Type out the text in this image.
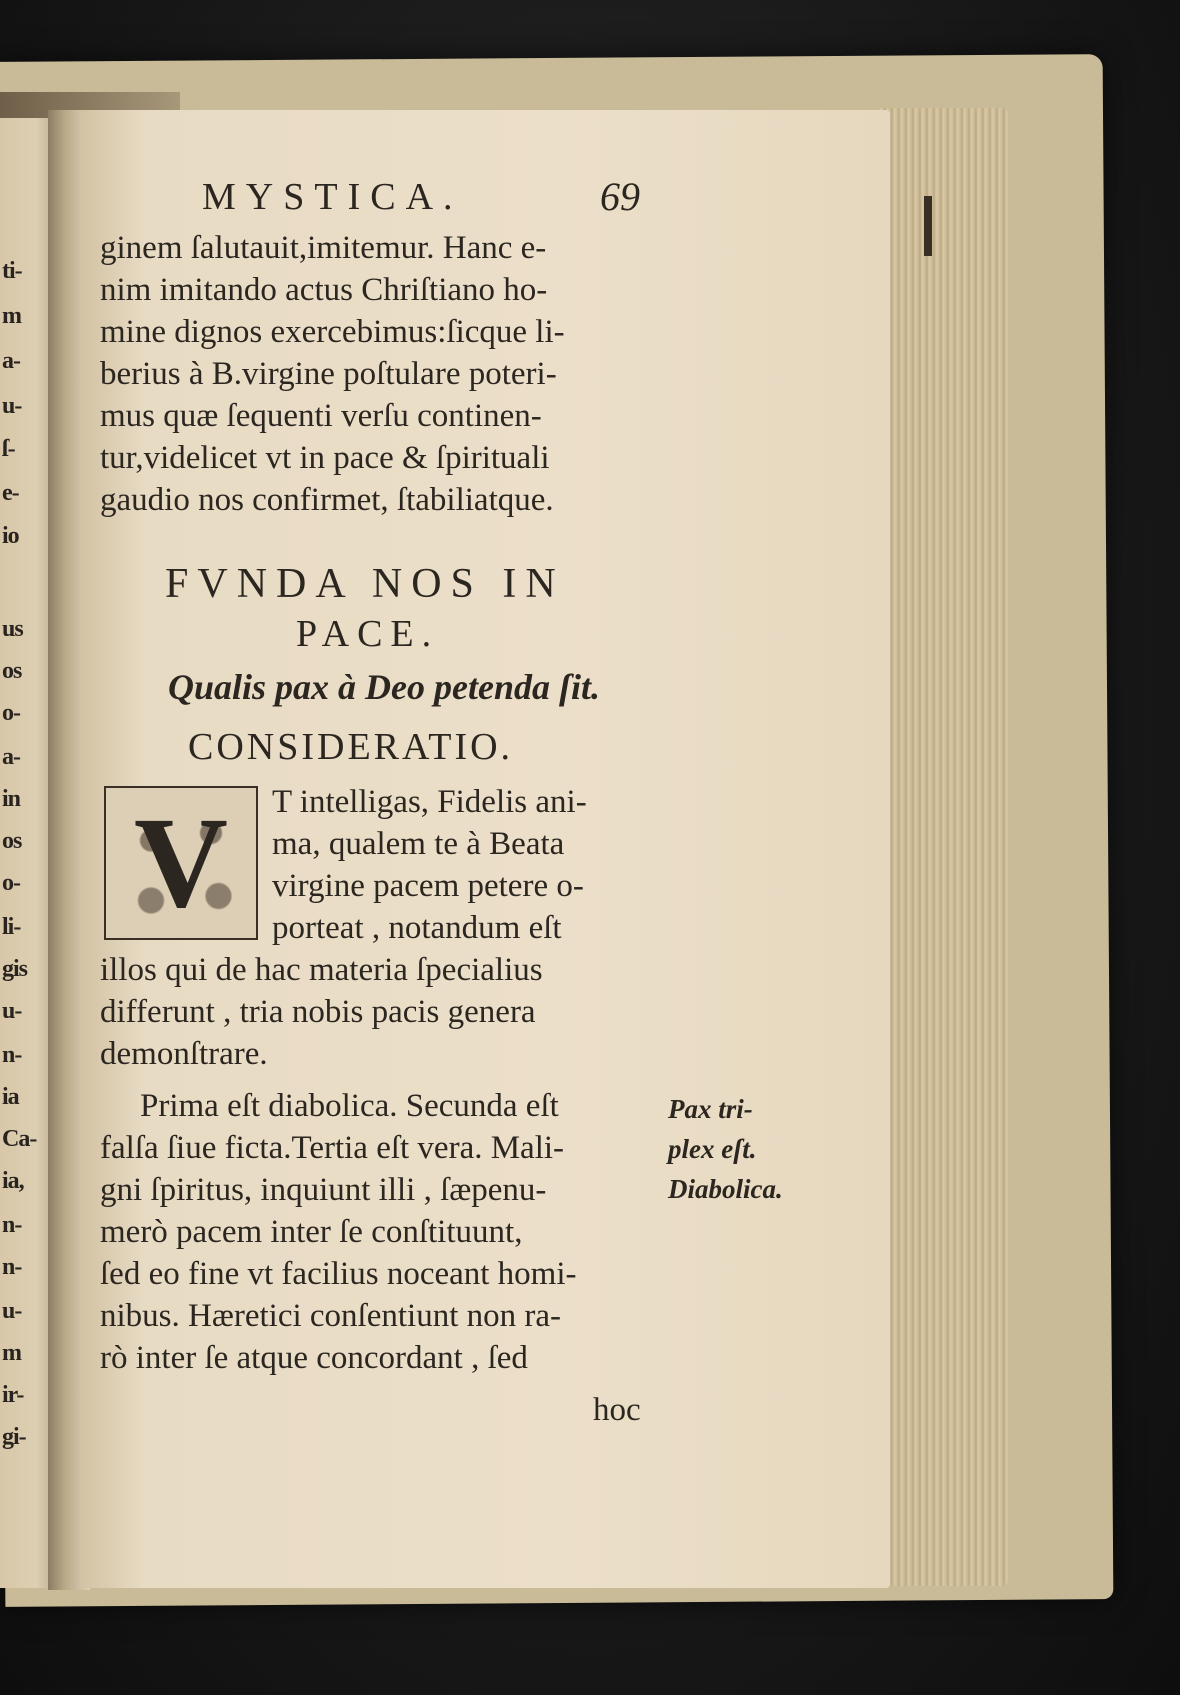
ti-
m
a-
u-
ſ-
e-
io
us
os
o-
a-
in
os
o-
li-
gis
u-
n-
ia
Ca-
ia,
n-
n-
u-
m
ir-
gi-
MYSTICA.	69
ginem ſalutauit,imitemur. Hanc e-
nim imitando actus Chriſtiano ho-
mine dignos exercebimus:ſicque li-
berius à B.virgine poſtulare poteri-
mus quæ ſequenti verſu continen-
tur,videlicet vt in pace & ſpirituali
gaudio nos confirmet, ſtabiliatque.
FVNDA NOS IN
PACE.
Qualis pax à Deo petenda ſit.
CONSIDERATIO.
V T intelligas, Fidelis ani-
ma, qualem te à Beata
virgine pacem petere o-
porteat , notandum eſt
illos qui de hac materia ſpecialius
differunt , tria nobis pacis genera
demonſtrare.
Prima eſt diabolica. Secunda eſt
falſa ſiue ficta.Tertia eſt vera. Mali-
gni ſpiritus, inquiunt illi , ſæpenu-
merò pacem inter ſe conſtituunt,
ſed eo fine vt facilius noceant homi-
nibus. Hæretici conſentiunt non ra-
rò inter ſe atque concordant , ſed
hoc
Pax tri-
plex eſt.
Diabolica.
